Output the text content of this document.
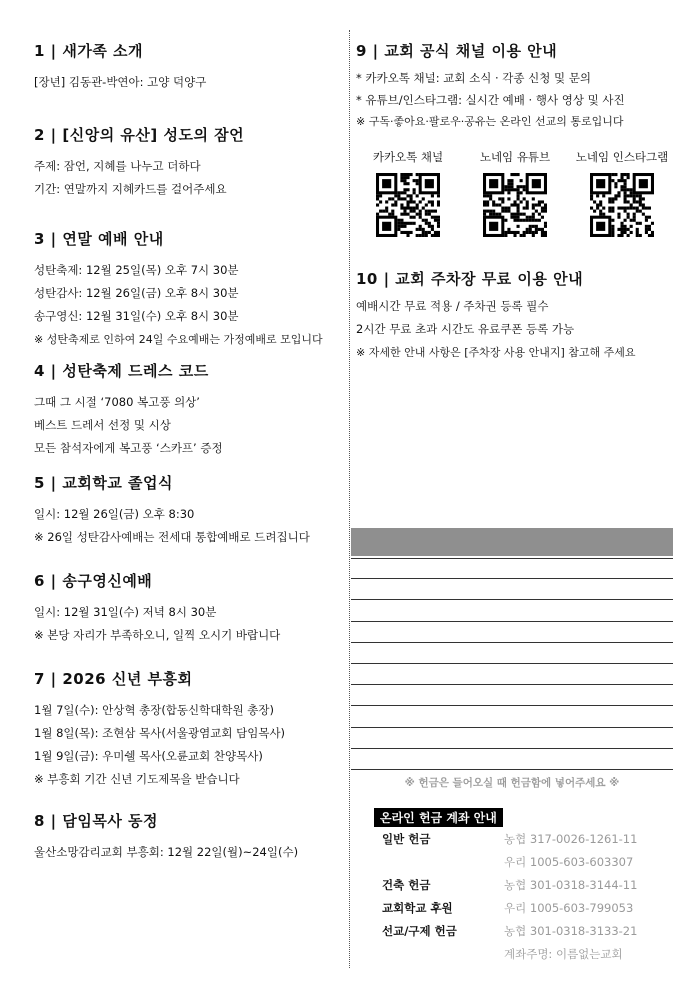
1 | 새가족 소개
[장년] 김동관-박연아: 고양 덕양구
2 | [신앙의 유산] 성도의 잠언
주제: 잠언, 지혜를 나누고 더하다
기간: 연말까지 지혜카드를 걸어주세요
3 | 연말 예배 안내
성탄축제: 12월 25일(목) 오후 7시 30분
성탄감사: 12월 26일(금) 오후 8시 30분
송구영신: 12월 31일(수) 오후 8시 30분
※ 성탄축제로 인하여 24일 수요예배는 가정예배로 모입니다
4 | 성탄축제 드레스 코드
그때 그 시절 ‘7080 복고풍 의상’
베스트 드레서 선정 및 시상
모든 참석자에게 복고풍 ‘스카프’ 증정
5 | 교회학교 졸업식
일시: 12월 26일(금) 오후 8:30
※ 26일 성탄감사예배는 전세대 통합예배로 드려집니다
6 | 송구영신예배
일시: 12월 31일(수) 저녁 8시 30분
※ 본당 자리가 부족하오니, 일찍 오시기 바랍니다
7 | 2026 신년 부흥회
1월 7일(수): 안상혁 총장(합동신학대학원 총장)
1월 8일(목): 조현삼 목사(서울광염교회 담임목사)
1월 9일(금): 우미쉘 목사(오륜교회 찬양목사)
※ 부흥회 기간 신년 기도제목을 받습니다
8 | 담임목사 동정
울산소망감리교회 부흥회: 12월 22일(월)~24일(수)
9 | 교회 공식 채널 이용 안내
* 카카오톡 채널: 교회 소식 · 각종 신청 및 문의
* 유튜브/인스타그램: 실시간 예배 · 행사 영상 및 사진
※ 구독·좋아요·팔로우·공유는 온라인 선교의 통로입니다
카카오톡 채널	노네임 유튜브	노네임 인스타그램
10 | 교회 주차장 무료 이용 안내
예배시간 무료 적용 / 주차권 등록 필수
2시간 무료 초과 시간도 유료쿠폰 등록 가능
※ 자세한 안내 사항은 [주차장 사용 안내지] 참고해 주세요
※ 헌금은 들어오실 때 헌금함에 넣어주세요 ※
온라인 헌금 계좌 안내
일반 헌금	농협 317-0026-1261-11
우리 1005-603-603307
건축 헌금	농협 301-0318-3144-11
교회학교 후원	우리 1005-603-799053
선교/구제 헌금	농협 301-0318-3133-21
계좌주명: 이름없는교회
